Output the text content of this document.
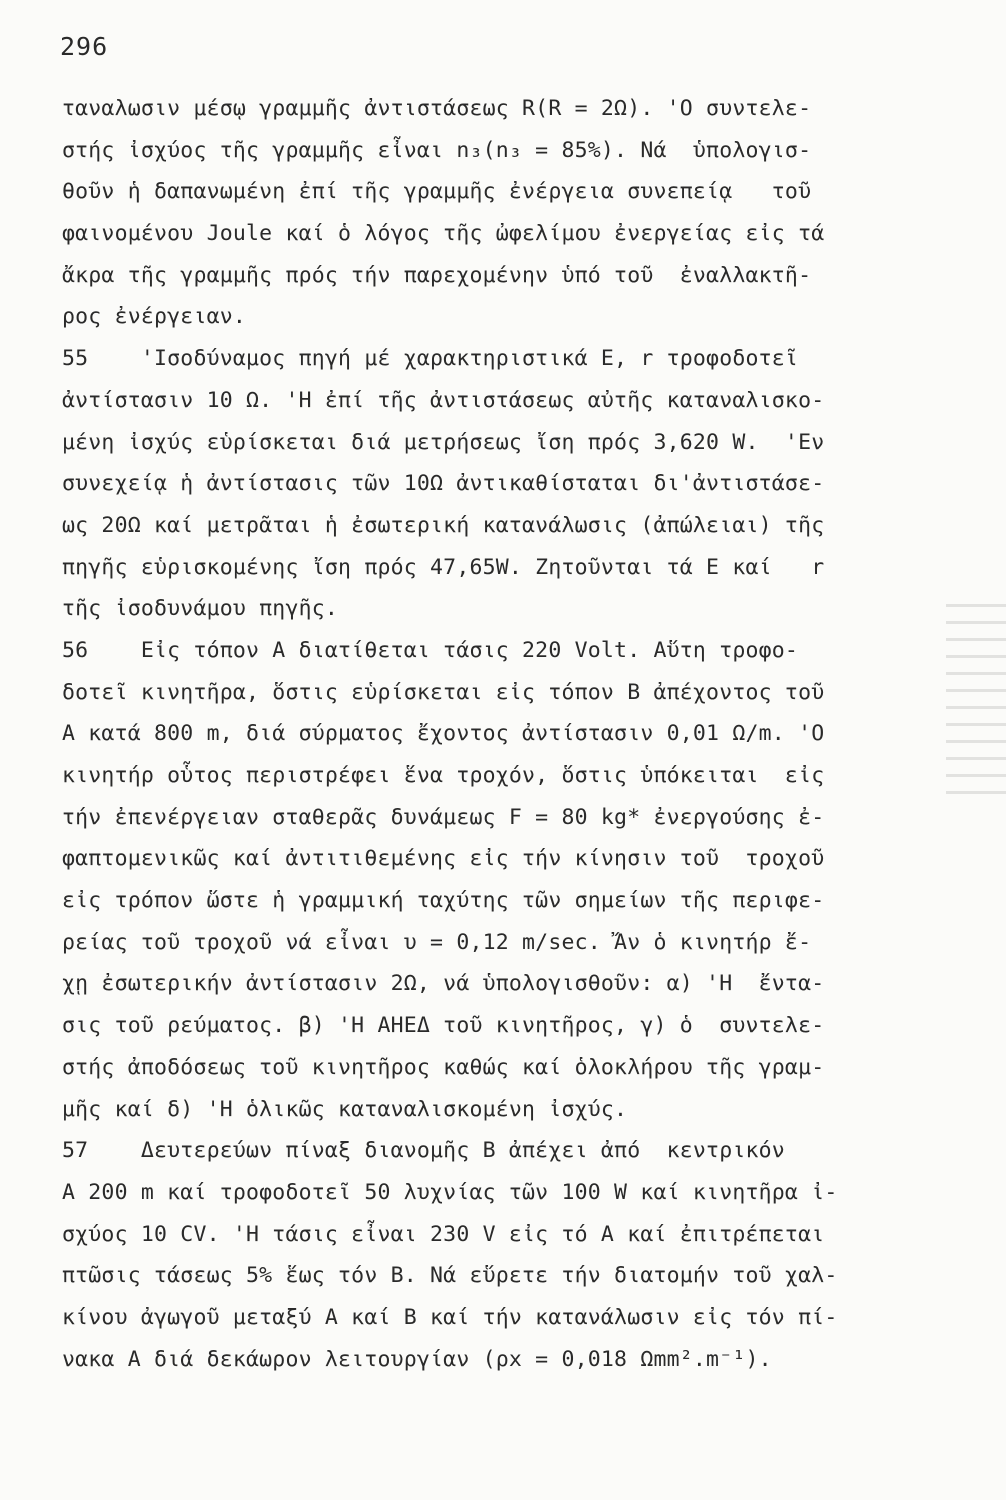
296
ταναλωσιν μέσῳ γραμμῆς ἀντιστάσεως R(R = 2Ω). 'Ο συντελε-
στής ἰσχύος τῆς γραμμῆς εἶναι n₃(n₃ = 85%). Νά  ὑπολογισ-
θοῦν ἡ δαπανωμένη ἐπί τῆς γραμμῆς ἐνέργεια συνεπείᾳ   τοῦ
φαινομένου Joule καί ὁ λόγος τῆς ὠφελίμου ἐνεργείας εἰς τά
ἄκρα τῆς γραμμῆς πρός τήν παρεχομένην ὑπό τοῦ  ἐναλλακτῆ-
ρος ἐνέργειαν.
55    'Ισοδύναμος πηγή μέ χαρακτηριστικά E, r τροφοδοτεῖ
ἀντίστασιν 10 Ω. 'Η ἐπί τῆς ἀντιστάσεως αὐτῆς καταναλισκο-
μένη ἰσχύς εὑρίσκεται διά μετρήσεως ἴση πρός 3,620 W.  'Εν
συνεχείᾳ ἡ ἀντίστασις τῶν 10Ω ἀντικαθίσταται δι'ἀντιστάσε-
ως 20Ω καί μετρᾶται ἡ ἐσωτερική κατανάλωσις (ἀπώλειαι) τῆς
πηγῆς εὑρισκομένης ἴση πρός 47,65W. Ζητοῦνται τά E καί   r
τῆς ἰσοδυνάμου πηγῆς.
56    Εἰς τόπον A διατίθεται τάσις 220 Volt. Αὕτη τροφο-
δοτεῖ κινητῆρα, ὅστις εὑρίσκεται εἰς τόπον B ἀπέχοντος τοῦ
A κατά 800 m, διά σύρματος ἔχοντος ἀντίστασιν 0,01 Ω/m. 'Ο
κινητήρ οὗτος περιστρέφει ἕνα τροχόν, ὅστις ὑπόκειται  εἰς
τήν ἐπενέργειαν σταθερᾶς δυνάμεως F = 80 kg* ἐνεργούσης ἐ-
φαπτομενικῶς καί ἀντιτιθεμένης εἰς τήν κίνησιν τοῦ  τροχοῦ
εἰς τρόπον ὥστε ἡ γραμμική ταχύτης τῶν σημείων τῆς περιφε-
ρείας τοῦ τροχοῦ νά εἶναι υ = 0,12 m/sec. Ἄν ὁ κινητήρ ἔ-
χῃ ἐσωτερικήν ἀντίστασιν 2Ω, νά ὑπολογισθοῦν: α) 'Η  ἔντα-
σις τοῦ ρεύματος. β) 'Η ΑΗΕΔ τοῦ κινητῆρος, γ) ὁ  συντελε-
στής ἀποδόσεως τοῦ κινητῆρος καθώς καί ὁλοκλήρου τῆς γραμ-
μῆς καί δ) 'Η ὁλικῶς καταναλισκομένη ἰσχύς.
57    Δευτερεύων πίναξ διανομῆς B ἀπέχει ἀπό  κεντρικόν
A 200 m καί τροφοδοτεῖ 50 λυχνίας τῶν 100 W καί κινητῆρα ἰ-
σχύος 10 CV. 'Η τάσις εἶναι 230 V εἰς τό A καί ἐπιτρέπεται
πτῶσις τάσεως 5% ἕως τόν B. Νά εὕρετε τήν διατομήν τοῦ χαλ-
κίνου ἀγωγοῦ μεταξύ A καί B καί τήν κατανάλωσιν εἰς τόν πί-
νακα A διά δεκάωρον λειτουργίαν (ρx = 0,018 Ωmm².m⁻¹).
